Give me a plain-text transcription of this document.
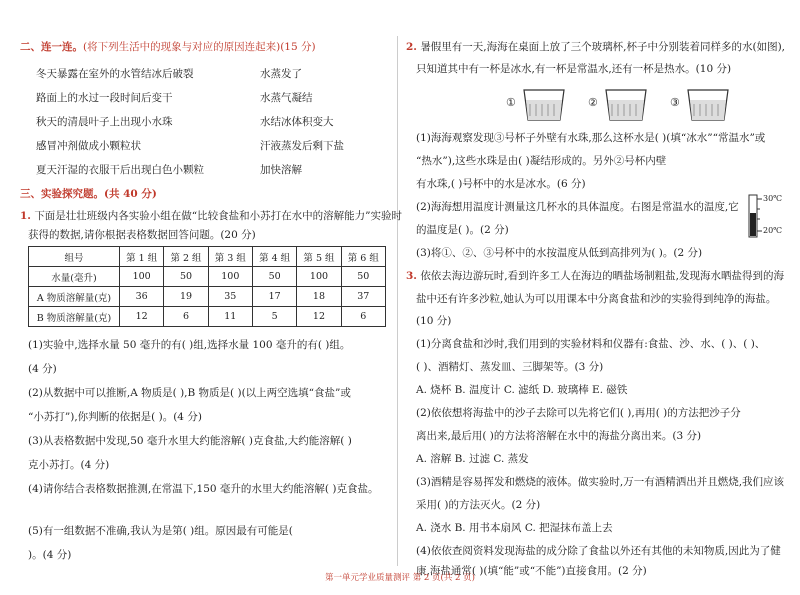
二、连一连。(将下列生活中的现象与对应的原因连起来)(15 分)
冬天暴露在室外的水管结冰后破裂
路面上的水过一段时间后变干
秋天的清晨叶子上出现小水珠
感冒冲剂做成小颗粒状
夏天汗湿的衣服干后出现白色小颗粒
水蒸发了
水蒸气凝结
水结冰体积变大
汗液蒸发后剩下盐
加快溶解
三、实验探究题。(共 40 分)
1. 下面是壮壮班级内各实验小组在做“比较食盐和小苏打在水中的溶解能力”实验时
获得的数据,请你根据表格数据回答问题。(20 分)
组号	第 1 组	第 2 组	第 3 组	第 4 组	第 5 组	第 6 组
水量(毫升)	100	50	100	50	100	50
A 物质溶解量(克)	36	19	35	17	18	37
B 物质溶解量(克)	12	6	11	5	12	6
(1)实验中,选择水量 50 毫升的有( )组,选择水量 100 毫升的有( )组。
(4 分)
(2)从数据中可以推断,A 物质是( ),B 物质是( )(以上两空选填“食盐”或
“小苏打”),你判断的依据是( )。(4 分)
(3)从表格数据中发现,50 毫升水里大约能溶解( )克食盐,大约能溶解( )
克小苏打。(4 分)
(4)请你结合表格数据推测,在常温下,150 毫升的水里大约能溶解( )克食盐。
(5)有一组数据不准确,我认为是第( )组。原因最有可能是(
)。(4 分)
2. 暑假里有一天,海海在桌面上放了三个玻璃杯,杯子中分别装着同样多的水(如图),
只知道其中有一杯是冰水,有一杯是常温水,还有一杯是热水。(10 分)
①	②	③
(1)海海观察发现③号杯子外壁有水珠,那么这杯水是( )(填“冰水”“常温水”或
“热水”),这些水珠是由( )凝结形成的。另外②号杯内壁
有水珠,( )号杯中的水是冰水。(6 分)
(2)海海想用温度计测量这几杯水的具体温度。右图是常温水的温度,它
的温度是( )。(2 分)
(3)将①、②、③号杯中的水按温度从低到高排列为( )。(2 分)
3. 依依去海边游玩时,看到许多工人在海边的晒盐场制粗盐,发现海水晒盐得到的海
盐中还有许多沙粒,她认为可以用课本中分离食盐和沙的实验得到纯净的海盐。
(10 分)
(1)分离食盐和沙时,我们用到的实验材料和仪器有:食盐、沙、水、( )、( )、
( )、酒精灯、蒸发皿、三脚架等。(3 分)
A. 烧杯 B. 温度计 C. 滤纸 D. 玻璃棒 E. 磁铁
(2)依依想将海盐中的沙子去除可以先将它们( ),再用( )的方法把沙子分
离出来,最后用( )的方法将溶解在水中的海盐分离出来。(3 分)
A. 溶解 B. 过滤 C. 蒸发
(3)酒精是容易挥发和燃烧的液体。做实验时,万一有酒精洒出并且燃烧,我们应该
采用( )的方法灭火。(2 分)
A. 浇水 B. 用书本扇风 C. 把湿抹布盖上去
(4)依依查阅资料发现海盐的成分除了食盐以外还有其他的未知物质,因此为了健
康,海盐通常( )(填“能”或“不能”)直接食用。(2 分)
30℃
20℃
第一单元学业质量测评 第 2 页(共 2 页)
